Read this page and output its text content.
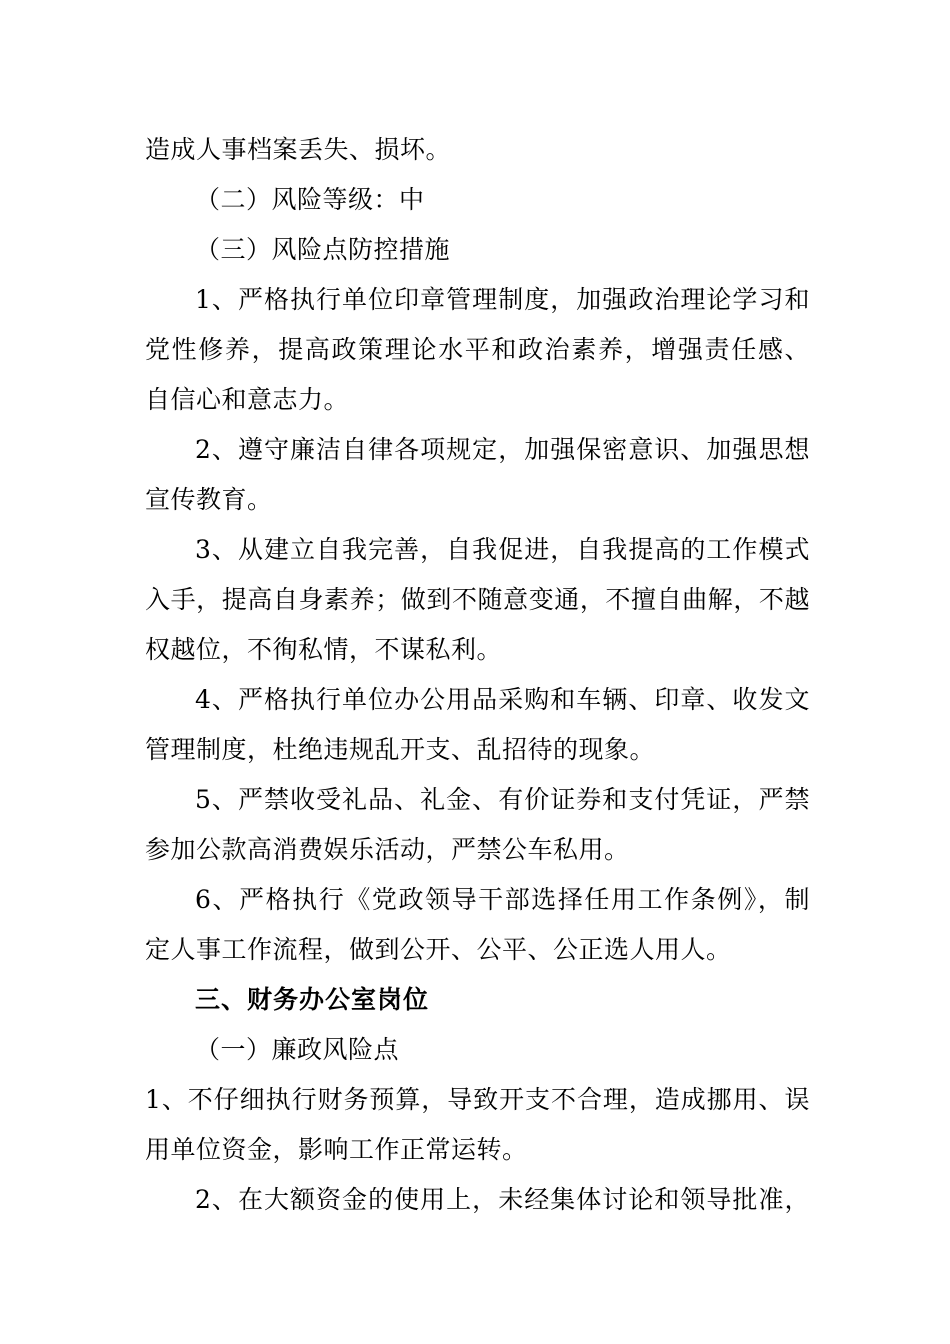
造成人事档案丢失、损坏。
（二）风险等级：中
（三）风险点防控措施
1、严格执行单位印章管理制度，加强政治理论学习和
党性修养，提高政策理论水平和政治素养，增强责任感、
自信心和意志力。
2、遵守廉洁自律各项规定，加强保密意识、加强思想
宣传教育。
3、从建立自我完善，自我促进，自我提高的工作模式
入手，提高自身素养；做到不随意变通，不擅自曲解，不越
权越位，不徇私情，不谋私利。
4、严格执行单位办公用品采购和车辆、印章、收发文
管理制度，杜绝违规乱开支、乱招待的现象。
5、严禁收受礼品、礼金、有价证券和支付凭证，严禁
参加公款高消费娱乐活动，严禁公车私用。
6、严格执行《党政领导干部选择任用工作条例》，制
定人事工作流程，做到公开、公平、公正选人用人。
三、财务办公室岗位
（一）廉政风险点
1、不仔细执行财务预算，导致开支不合理，造成挪用、误
用单位资金，影响工作正常运转。
2、在大额资金的使用上，未经集体讨论和领导批准，
